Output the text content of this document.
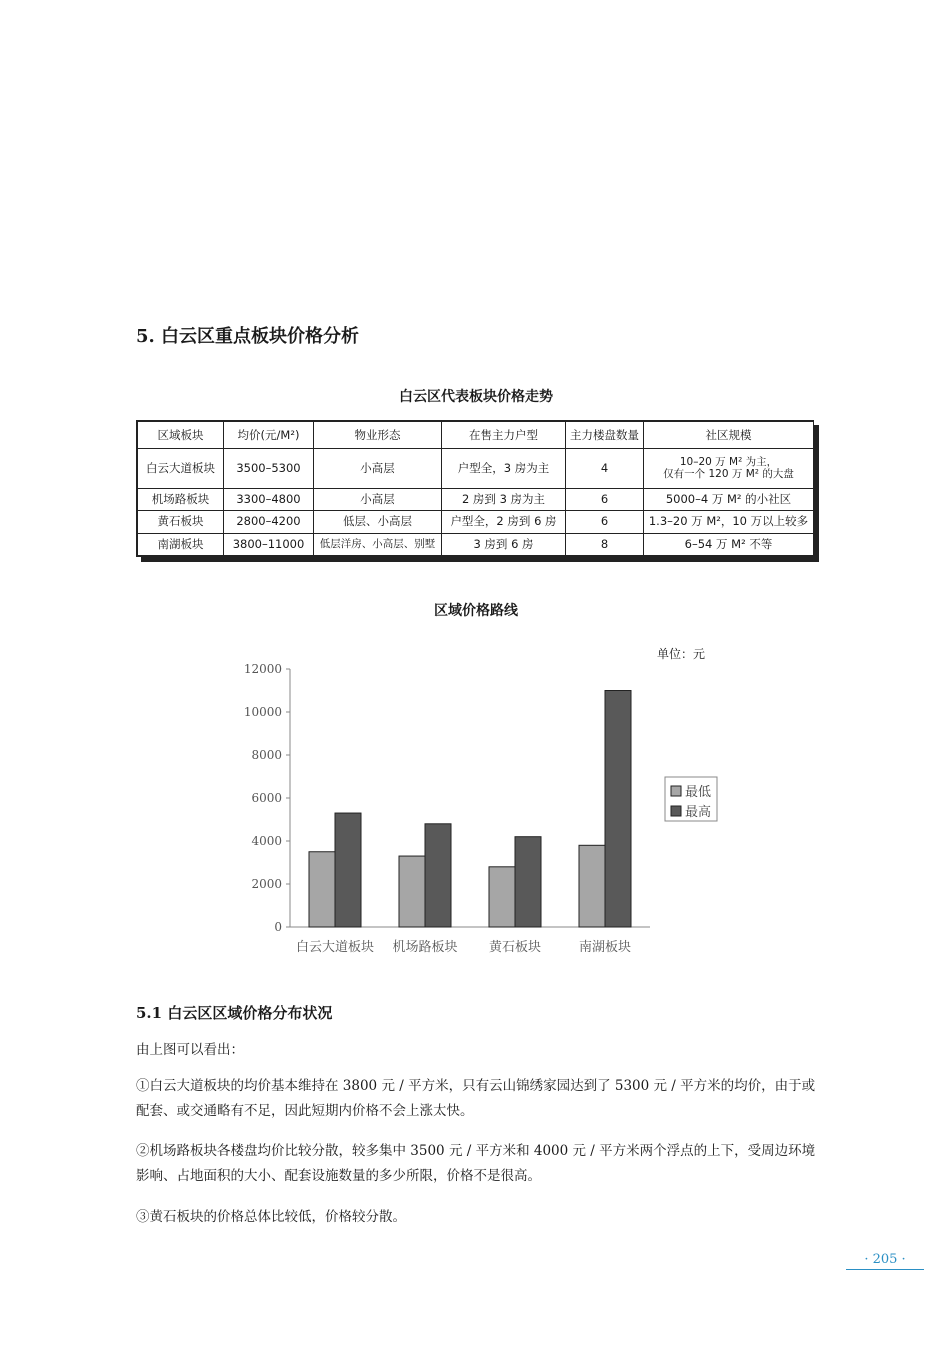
5. 白云区重点板块价格分析
白云区代表板块价格走势
区域板块	均价(元/M²)	物业形态	在售主力户型	主力楼盘数量	社区规模
白云大道板块	3500–5300	小高层	户型全，3 房为主	4	10–20 万 M² 为主，
仅有一个 120 万 M² 的大盘
机场路板块	3300–4800	小高层	2 房到 3 房为主	6	5000–4 万 M² 的小社区
黄石板块	2800–4200	低层、小高层	户型全，2 房到 6 房	6	1.3–20 万 M²，10 万以上较多
南湖板块	3800–11000	低层洋房、小高层、别墅	3 房到 6 房	8	6–54 万 M² 不等
区域价格路线
单位：元
0
2000
4000
6000
8000
10000
12000
白云大道板块 机场路板块 黄石板块	南湖板块
最低
最高
5.1 白云区区域价格分布状况

由上图可以看出：

①白云大道板块的均价基本维持在 3800 元 / 平方米，只有云山锦绣家园达到了 5300 元 / 平方米的均价，由于或配套、或交通略有不足，因此短期内价格不会上涨太快。

②机场路板块各楼盘均价比较分散，较多集中 3500 元 / 平方米和 4000 元 / 平方米两个浮点的上下，受周边环境影响、占地面积的大小、配套设施数量的多少所限，价格不是很高。

③黄石板块的价格总体比较低，价格较分散。

· 205 ·
